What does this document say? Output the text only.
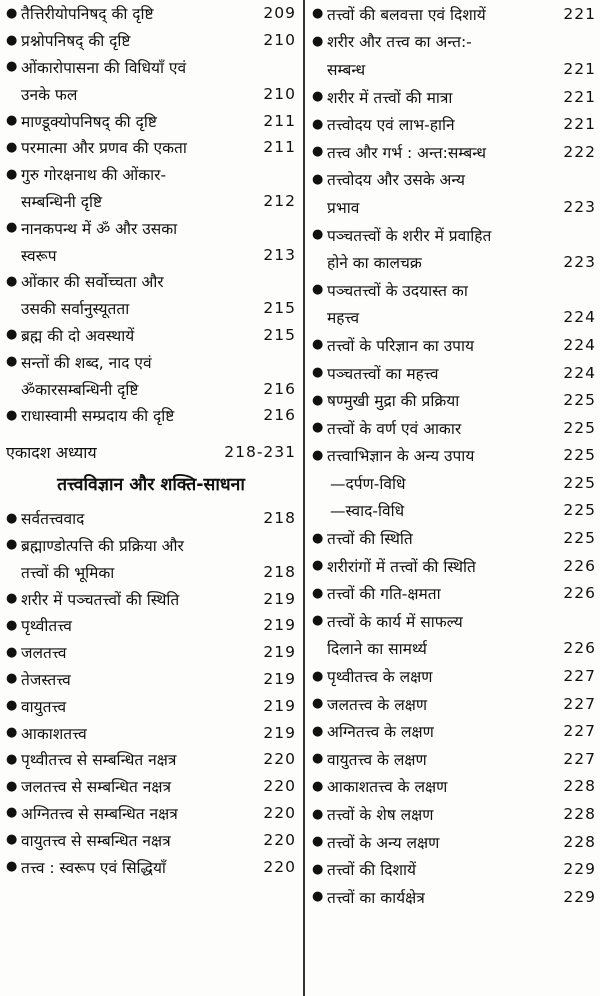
● तैत्तिरीयोपनिषद् की दृष्टि	209
● प्रश्नोपनिषद् की दृष्टि	210
● ओंकारोपासना की विधियाँ एवं
उनके फल	210
● माण्डूक्योपनिषद् की दृष्टि	211
● परमात्मा और प्रणव की एकता	211
● गुरु गोरक्षनाथ की ओंकार-
सम्बन्धिनी दृष्टि	212
● नानकपन्थ में ॐ और उसका
स्वरूप	213
● ओंकार की सर्वोच्चता और
उसकी सर्वानुस्यूतता	215
● ब्रह्म की दो अवस्थायें	215
● सन्तों की शब्द, नाद एवं
ॐकारसम्बन्धिनी दृष्टि	216
● राधास्वामी सम्प्रदाय की दृष्टि	216
एकादश अध्याय	218-231
तत्त्वविज्ञान और शक्ति-साधना
● सर्वतत्त्ववाद	218
● ब्रह्माण्डोत्पत्ति की प्रक्रिया और
तत्त्वों की भूमिका	218
● शरीर में पञ्चतत्त्वों की स्थिति	219
● पृथ्वीतत्त्व	219
● जलतत्त्व	219
● तेजस्तत्त्व	219
● वायुतत्त्व	219
● आकाशतत्त्व	219
● पृथ्वीतत्त्व से सम्बन्धित नक्षत्र	220
● जलतत्त्व से सम्बन्धित नक्षत्र	220
● अग्नितत्त्व से सम्बन्धित नक्षत्र	220
● वायुतत्त्व से सम्बन्धित नक्षत्र	220
● तत्त्व : स्वरूप एवं सिद्धियाँ	220
● तत्त्वों की बलवत्ता एवं दिशायें	221
● शरीर और तत्त्व का अन्त:-
सम्बन्ध	221
● शरीर में तत्त्वों की मात्रा	221
● तत्त्वोदय एवं लाभ-हानि	221
● तत्त्व और गर्भ : अन्त:सम्बन्ध	222
● तत्त्वोदय और उसके अन्य
प्रभाव	223
● पञ्चतत्त्वों के शरीर में प्रवाहित
होने का कालचक्र	223
● पञ्चतत्त्वों के उदयास्त का
महत्त्व	224
● तत्त्वों के परिज्ञान का उपाय	224
● पञ्चतत्त्वों का महत्त्व	224
● षण्मुखी मुद्रा की प्रक्रिया	225
● तत्त्वों के वर्ण एवं आकार	225
● तत्त्वाभिज्ञान के अन्य उपाय	225
—दर्पण-विधि	225
—स्वाद-विधि	225
● तत्त्वों की स्थिति	225
● शरीरांगों में तत्त्वों की स्थिति	226
● तत्त्वों की गति-क्षमता	226
● तत्त्वों के कार्य में साफल्य
दिलाने का सामर्थ्य	226
● पृथ्वीतत्त्व के लक्षण	227
● जलतत्त्व के लक्षण	227
● अग्नितत्त्व के लक्षण	227
● वायुतत्त्व के लक्षण	227
● आकाशतत्त्व के लक्षण	228
● तत्त्वों के शेष लक्षण	228
● तत्त्वों के अन्य लक्षण	228
● तत्त्वों की दिशायें	229
● तत्त्वों का कार्यक्षेत्र	229
